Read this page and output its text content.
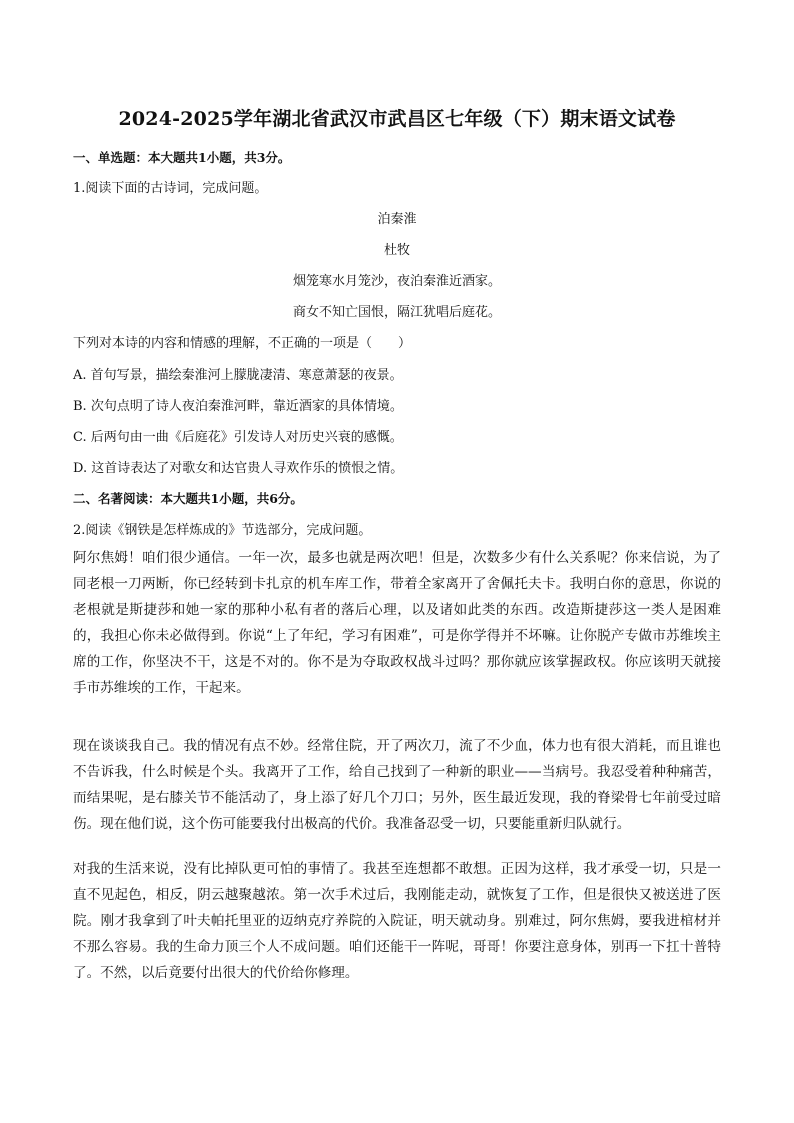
2024-2025学年湖北省武汉市武昌区七年级（下）期末语文试卷
一、单选题：本大题共1小题，共3分。
1.阅读下面的古诗词，完成问题。
泊秦淮
杜牧
烟笼寒水月笼沙，夜泊秦淮近酒家。
商女不知亡国恨，隔江犹唱后庭花。
下列对本诗的内容和情感的理解，不正确的一项是（　　）
A. 首句写景，描绘秦淮河上朦胧凄清、寒意萧瑟的夜景。
B. 次句点明了诗人夜泊秦淮河畔，靠近酒家的具体情境。
C. 后两句由一曲《后庭花》引发诗人对历史兴衰的感慨。
D. 这首诗表达了对歌女和达官贵人寻欢作乐的愤恨之情。
二、名著阅读：本大题共1小题，共6分。
2.阅读《钢铁是怎样炼成的》节选部分，完成问题。

阿尔焦姆！咱们很少通信。一年一次，最多也就是两次吧！但是，次数多少有什么关系呢？你来信说，为了同老根一刀两断，你已经转到卡扎京的机车库工作，带着全家离开了舍佩托夫卡。我明白你的意思，你说的老根就是斯捷莎和她一家的那种小私有者的落后心理，以及诸如此类的东西。改造斯捷莎这一类人是困难的，我担心你未必做得到。你说“上了年纪，学习有困难”，可是你学得并不坏嘛。让你脱产专做市苏维埃主席的工作，你坚决不干，这是不对的。你不是为夺取政权战斗过吗？那你就应该掌握政权。你应该明天就接手市苏维埃的工作，干起来。

现在谈谈我自己。我的情况有点不妙。经常住院，开了两次刀，流了不少血，体力也有很大消耗，而且谁也不告诉我，什么时候是个头。我离开了工作，给自己找到了一种新的职业——当病号。我忍受着种种痛苦，而结果呢，是右膝关节不能活动了，身上添了好几个刀口；另外，医生最近发现，我的脊梁骨七年前受过暗伤。现在他们说，这个伤可能要我付出极高的代价。我准备忍受一切，只要能重新归队就行。

对我的生活来说，没有比掉队更可怕的事情了。我甚至连想都不敢想。正因为这样，我才承受一切，只是一直不见起色，相反，阴云越聚越浓。第一次手术过后，我刚能走动，就恢复了工作，但是很快又被送进了医院。刚才我拿到了叶夫帕托里亚的迈纳克疗养院的入院证，明天就动身。别难过，阿尔焦姆，要我进棺材并不那么容易。我的生命力顶三个人不成问题。咱们还能干一阵呢，哥哥！你要注意身体，别再一下扛十普特了。不然，以后竟要付出很大的代价给你修理。
